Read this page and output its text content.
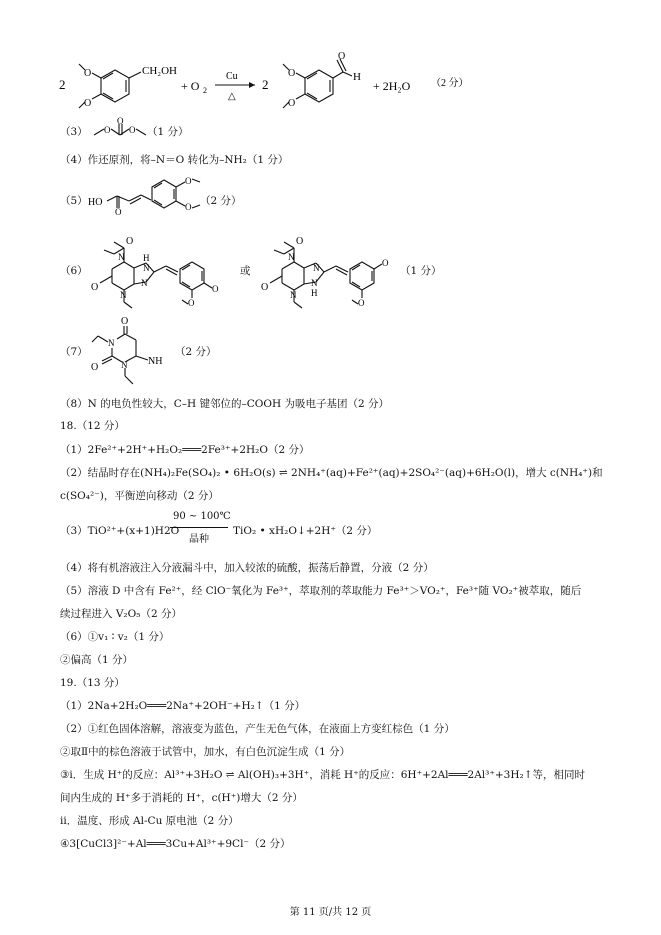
2
O
O
CH₂OH
+ O 2
Cu
△
2
O
O
O
H
+ 2H₂O （2 分）
（3） O O
O
（1 分）
（4）作还原剂，将–N＝O 转化为–NH₂（1 分）
（5） HO
O
O
O （2 分）
（6）
O
N
O
N
H
N
N
O
O
或
O
N
O
N
N
N
H
O
O
（1 分）
（7）
O
N
O	N NH
（2 分）
（8）N 的电负性较大，C–H 键邻位的–COOH 为吸电子基团（2 分）
18.（12 分）
（1）2Fe²⁺+2H⁺+H₂O₂═══2Fe³⁺+2H₂O（2 分）
（2）结晶时存在(NH₄)₂Fe(SO₄)₂ • 6H₂O(s) ⇌ 2NH₄⁺(aq)+Fe²⁺(aq)+2SO₄²⁻(aq)+6H₂O(l)，增大 c(NH₄⁺)和
c(SO₄²⁻)，平衡逆向移动（2 分）
（3）TiO²⁺+(x+1)H2O
90 ~ 100℃
晶种
TiO₂ • xH₂O↓+2H⁺（2 分）
（4）将有机溶液注入分液漏斗中，加入较浓的硫酸，振荡后静置，分液（2 分）
（5）溶液 D 中含有 Fe²⁺，经 ClO⁻氧化为 Fe³⁺，萃取剂的萃取能力 Fe³⁺＞VO₂⁺，Fe³⁺随 VO₂⁺被萃取，随后
续过程进入 V₂O₅（2 分）
（6）①v₁ ∶ v₂（1 分）
②偏高（1 分）
19.（13 分）
（1）2Na+2H₂O═══2Na⁺+2OH⁻+H₂↑（1 分）
（2）①红色固体溶解，溶液变为蓝色，产生无色气体，在液面上方变红棕色（1 分）
②取Ⅱ中的棕色溶液于试管中，加水，有白色沉淀生成（1 分）
③ⅰ．生成 H⁺的反应：Al³⁺+3H₂O ⇌ Al(OH)₃+3H⁺，消耗 H⁺的反应：6H⁺+2Al═══2Al³⁺+3H₂↑等，相同时
间内生成的 H⁺多于消耗的 H⁺，c(H⁺)增大（2 分）
ⅱ．温度、形成 Al-Cu 原电池（2 分）
④3[CuCl3]²⁻+Al═══3Cu+Al³⁺+9Cl⁻（2 分）
第 11 页/共 12 页
